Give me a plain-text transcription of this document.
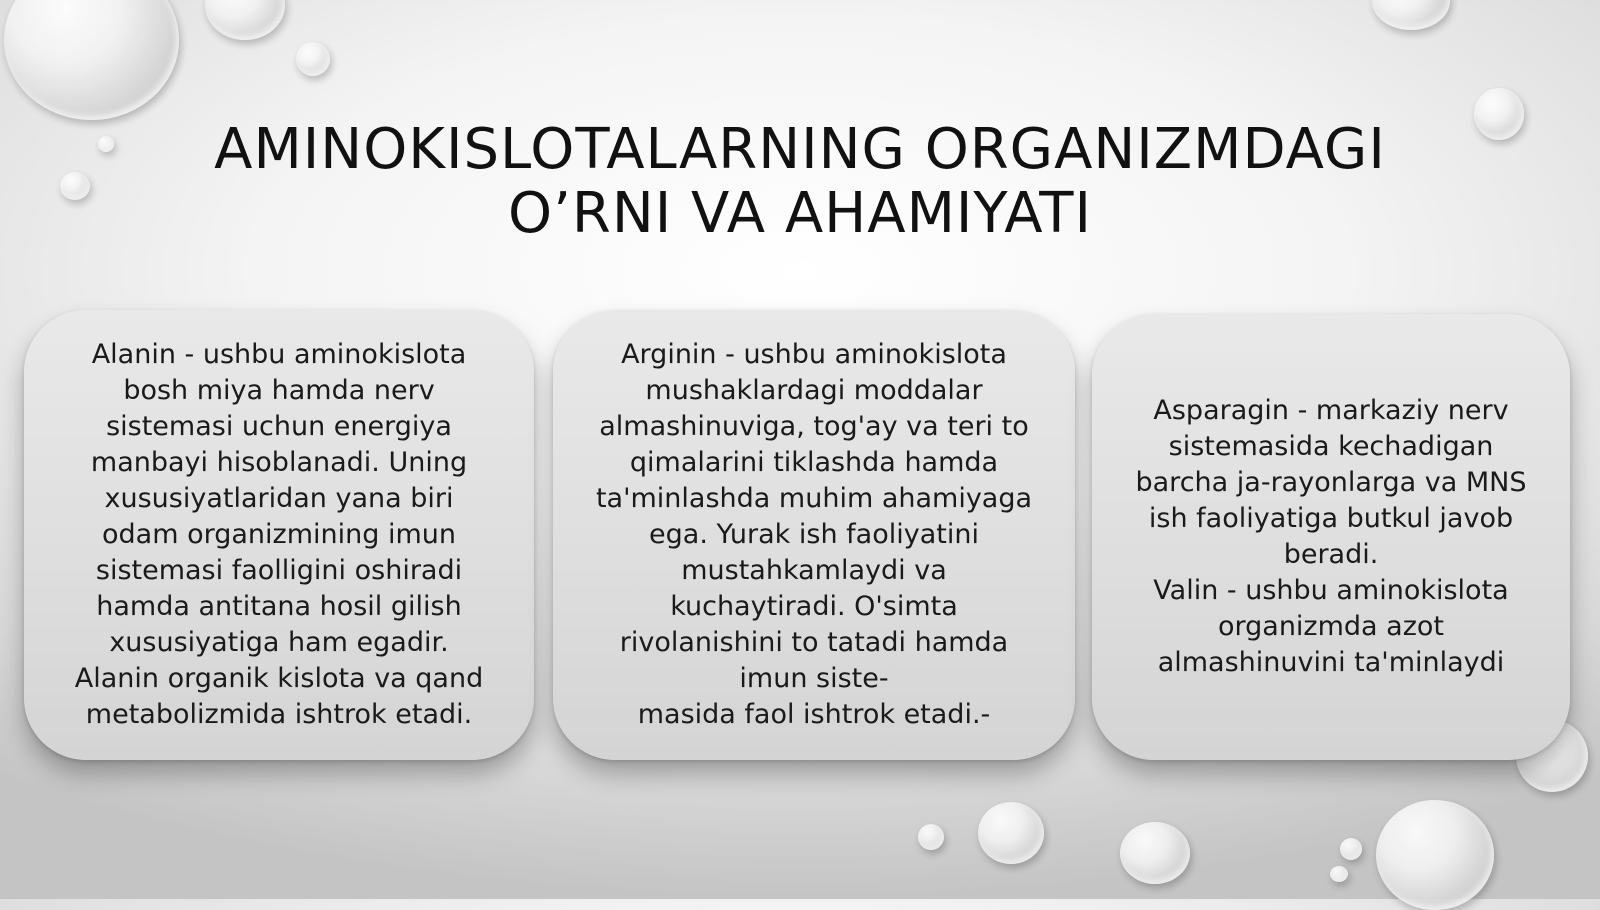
AMINOKISLOTALARNING ORGANIZMDAGI
O’RNI VA AHAMIYATI

Alanin - ushbu aminokislota

bosh miya hamda nerv

sistemasi uchun energiya

manbayi hisoblanadi. Uning

xususiyatlaridan yana biri

odam organizmining imun

sistemasi faolligini oshiradi

hamda antitana hosil gilish

xususiyatiga ham egadir.

Alanin organik kislota va qand

metabolizmida ishtrok etadi.

Arginin - ushbu aminokislota

mushaklardagi moddalar

almashinuviga, tog'ay va teri to

qimalarini tiklashda hamda

ta'minlashda muhim ahamiyaga

ega. Yurak ish faoliyatini

mustahkamlaydi va

kuchaytiradi. O'simta

rivolanishini to tatadi hamda

imun siste-

masida faol ishtrok etadi.-

Asparagin - markaziy nerv

sistemasida kechadigan

barcha ja-rayonlarga va MNS

ish faoliyatiga butkul javob

beradi.

Valin - ushbu aminokislota

organizmda azot

almashinuvini ta'minlaydi
